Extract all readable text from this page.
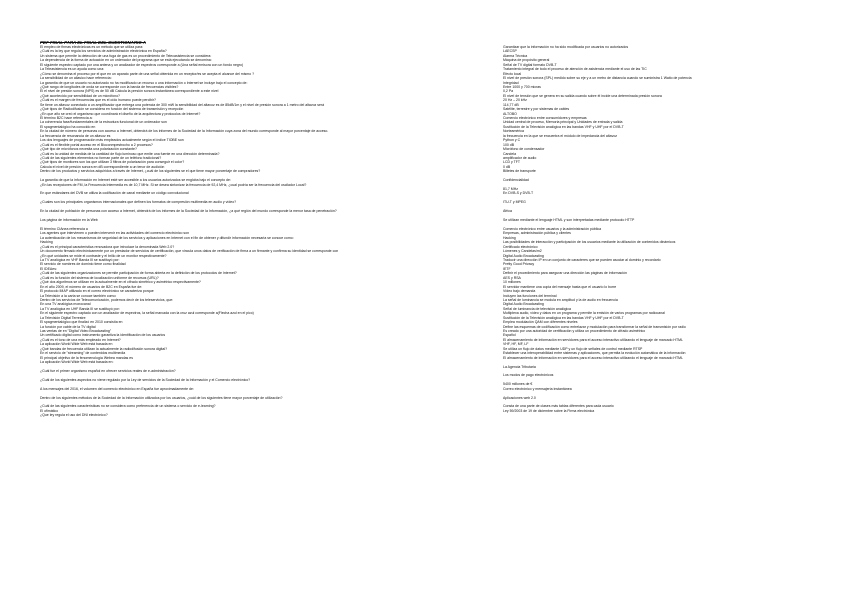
PDF FINAL PARA EL FINAL DEL CUESTIONARIO A
El empleo de firmas electrónicas es un método que se utiliza para:
¿Cuál es la ley que regula los servicios de administración electrónica en España?
Un sistema que permite la detección de una fuga de gas es un procedimiento de Telecasistencia se considera:
La dependencia de la forma de actuación en un ordenador del programa que se está ejecutando se denomina:
El siguiente espectro captado por una antena y un analizador de espectros corresponde a (Una señal emisora con un fondo negro)
La Teleasistencia es un ayuda como una:
¿Cómo se denomina el proceso por el que en un aparato parte de una señal obtenida en un receptor/es se acepta el alcance del mismo ?
La sensibilidad de un aliasico hace referencia:
La garantía de que un usuario no autorizado no ha modificado un recurso o una información o Internet se incluye bajo el concepto de:
¿Qué rango de longitudes de onda se corresponde con la banda de frecuencias visibles?
El el nivel de presión sonora (NPS) es de 50 dB Calcula la presión sonora instantánea correspondiente a este nivel
¿Qué acontecido por sensibilidad de un micrófono?
¿Cuál es el margen de frecuencias que es el oído humano puede percibir?
Se tiene un altavoz conectado a un amplificador que entrega una potencia de 300 mW la sensibilidad del altavoz es de 85dB/1m y el nivel de presión sonora a 1 metro del altavoz será
¿Qué tipos de Radiodifusión se considera en función del sistema de transmisión y recepción
¿En que año se creó el organismo que coordinará el diseño de la arquitectura y protocolos de Internet?
El término B2C hace referencia a:
La coherencia fase/fundamentales de la estructura funcional de un ordenador son
El spagmentalógico ha conocido en
En la ciudad de número de personas con acceso a Internet, obtendrá de los informes de la Sociedad de la Información cuya zona del mundo corresponde al mayor porcentaje de acceso.
La frecuencia de resonancia de un altavoz es
Los dos lenguajes de programación más empleados actualmente según el índice TIOBE son
¿Cuál es el flexible portal acceso en el Bioconmpestrocho a 2 procesos?
¿Qué tipo de micrófonos necesita una polarización constante?
¿Cuál es la unidad de medida de la cantidad de flujo luminoso que emite una fuente en una dirección determinada?
¿Cuál de las siguientes elementos no forman parte de un teléfono tradicional?
¿Qué tipos de monitores son los que utilizan 3 filtros de polarización para conseguir el color?
Calcula el nivel de presión sonora en dB correspondiente a un tenor de audición
Dentro de los productos y servicios adquiridos a través de Internet, ¿cuál de los siguientes se el que tiene mayor porcentaje de compradores?
La garantía de que la información en Internet esté ser accesible a los usuarios autorizados se engloba bajo el concepto de:
¿En las recepciones de FM, la Frecuencia Intermedia es de 10,7 MHz. Si se desea sintonizar la frecuencia de 92,4 MHz, ¿cual podría ser la frecuencia del oscilador Local?
En que estándares del DVB se utiliza la codificación de canal mediante un código convolucional
¿Cuales son los principales organismos internacionales que definen los formatos de compresión multimedia en audio y vídeo?
En la ciudad de población de personas con acceso a Internet, obtendrá de los informes de la Sociedad de la Información, ¿a qué región del mundo corresponde la menor tasa de penetración?
Los página de información en la Web
El término CIAnea referencia a
Los agentes que intervienen o pueden intervenir en las actividades del comercio electrónico son
La autenticación de los mecanismos de seguridad de los servicios y aplicaciones en Internet con el fin de obtener y difundir información necesaria se conoce como:
Hacking
¿Cuál es el principal característica renovadora que introduce la denominada Web 2.0?
Un documento firmado electrónicamente por un prestador de servicios de certificación, que vincula unos datos de verificación de firma a un firmante y confirma su identidad se corresponde con
¿En qué unidades se mide el contraste y el brillo de un monitor respectivamente?
La TV analógica en VHF Banda III se sustituyó por:
El servicio de nombres de dominio tiene como finalidad
El IDEAes:
¿Cuál de las siguientes organizaciones se permite participación de forma abierta en la definición de los protocolos de Internet?
¿Cuál es la función del sistema de localización uniforme de recursos (URL)?
¿Qué dos algoritmos se utilizan en la actualmente en el cifrado simétrico y asimétrico respectivamente?
En el año 2009, el número de usuarios de B2C en España fue de:
El protocolo IMAP utilizado en el correo electrónico se caracteriza porque
La Televisión a la carta se conoce también como:
Dentro de los servicios de Telecomunicación, podemos decir de los teleservicios, que:
En una TV analógica monocanal
La TV analógica en UHF Banda III se sustituyó por:
En el siguiente espectro captado con un analizador de espectros, la señal marcada con la cruz azul corresponde a(Flecha azul en el pico)
La Televisión Digital Terrestre
El spagmentalógico que finalizó en 2010 consistía en
La función por cable de la TV digital
Las ventas de en "Digital Video Broadcasting"
Un certificado digital como instrumento garantiza la identificación de los usuarios
¿Cuál es el tono de una más empleado en Internet?
La aplicación World Wide Web está basada en
¿Qué bandas de frecuencia utilizan la actualmente la radiodifusión sonora digital?
En el servicio de "streaming" de contenidos multimedia
El principal objetivo de la fenomenología Webea mandas es
La aplicación World Wide Web está basada en:
¿Cuál fue el primer organismo español en ofrecer servicios reales de e-administración?
¿Cuál de los siguientes aspectos no viene regulado por la Ley de servicios de la Sociedad de la Información y el Comercio electrónico?
A los mensajes del 2016, el volumen del comercio electrónico en España fue aproximadamente de:
Dentro de los siguientes métodos de la Sociedad de la Información utilizados por los usuarios, ¿cuál de los siguientes tiene mayor porcentaje de utilización?
¿Cuál de las siguientes características no se considera como preferencia de un sistema o servicio de e-learning?
El ofimático
¿Que ley regula el uso del DNI electrónico?
Garantizar que la información no ha sido modificada por usuarios no autorizados
LAECSP
Alarma Técnica
Máquina de propósito general
Señal de TV digital formato DVB-T
Tratamiento integral de todo el proceso de atención de asistencia mediante el uso de las TIC
Efecto local
El nivel de presión sonora (SPL) medido sobre su eje y a un metro de distancia cuando se suministra 1 Watio de potencia
Integridad
Entre 1000 y 700 micras
0,2 Pa
El nivel de tensión que se genera en su salida cuando sobre él incide una determinada presión sonora
20 Hz – 20 kHz
114,77 dB
Satélite, terrestre y por sistemas de cables
ALTOBO
Comercio electrónico entre consumidores y empresas
Unidad central de proceso, Memoria principal y Unidades de entrada y salida
Sustitución de la Televisión analógica en las bandas VHF y UHF por el DVB-T
Norteamérica
la frecuencia en la que se encuentra el módulo de impedancia del altavoz
Python y C
100 dB
Micrófono de condensador
Candela
amplificador de audio
LCD y TFT
0 dB
Billetes de transporte
Confidencialidad
81,7 MHz
En DVB-S y DVB-T
ITU-T y MPEG
África
Se utilizan mediante el lenguaje HTML y son interpretadas mediante protocolo HTTP
Comercio electrónico entre usuarios y la administración pública
Empresas, administración pública y clientes
Hacking
Las posibilidades de interacción y participación de los usuarios mediante la utilización de contenidos dinámicos
Certificado electrónico
Lúmenes y Candelas/m2
Digital Audio Broadcasting
Traducir una dirección IP en un conjunto de caracteres que se pueden asociar al dominio y recordarlo
Pretty Good Privacy
IETF
Definir el procedimiento para asegurar una dirección las páginas de información
AES y RSA
10 millones
El servidor mantiene una copia del mensaje hasta que el usuario lo borre
Vídeo bajo demanda
Incluyen las funciones del terminal
La señal de luminancia se modula en amplitud y la de audio en frecuencia
Digital Audio Broadcasting
Señal de luminancia de televisión analógica
Multiplexa audio, vídeo y datos en un programa y permite la emisión de varios programas por radiocanal
Sustitución de la Televisión analógica en las bandas VHF y UHF por el DVB-T
Emplea modulación QAM con diferentes niveles
Define las esquemas de codificación como entrelazar y modulación para transformar la señal de transmisión por radio
Es creado por una autoridad de certificación y utiliza un procedimiento de cifrado asimétrico
Español
El almacenamiento de información en servidores para el acceso interactivo utilizando el lenguaje de marcado HTML
VHF, HF, MF, LF
Se utiliza un flujo de datos mediante UDP y un flujo de señales de control mediante RTSP
Establecer una interoperabilidad entre sistemas y aplicaciones, que permita la evolución automática de la información
El almacenamiento de información en servidores para el acceso interactivo utilizando el lenguaje de marcado HTML
La Agencia Tributaria
Los modos de pago electrónicos
5400 millones de €
Correo electrónico y mensajería instantánea
Aplicaciones web 2.0
Consta de una parte de clases más tablas diferentes para cada usuario
Ley 59/2003 de 19 de diciembre sobre la Firma electrónica
